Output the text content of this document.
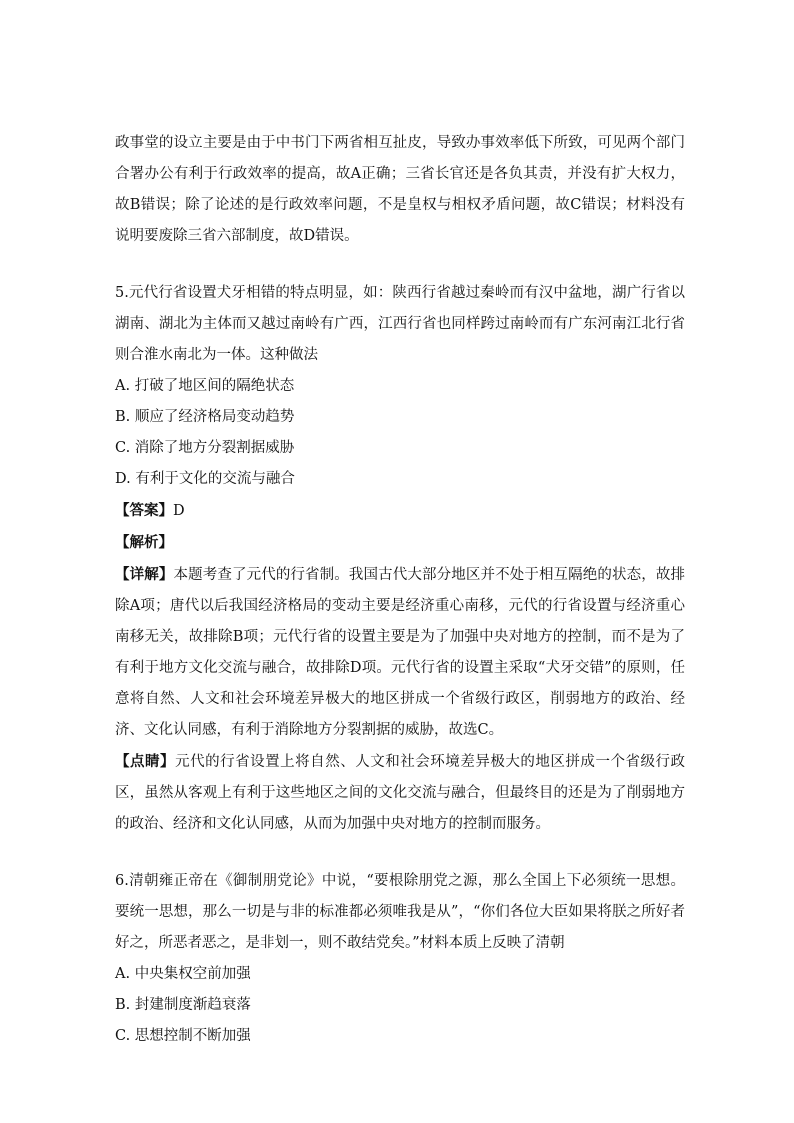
政事堂的设立主要是由于中书门下两省相互扯皮，导致办事效率低下所致，可见两个部门合署办公有利于行政效率的提高，故A正确；三省长官还是各负其责，并没有扩大权力，故B错误；除了论述的是行政效率问题，不是皇权与相权矛盾问题，故C错误；材料没有说明要废除三省六部制度，故D错误。

5.元代行省设置犬牙相错的特点明显，如：陕西行省越过秦岭而有汉中盆地，湖广行省以湖南、湖北为主体而又越过南岭有广西，江西行省也同样跨过南岭而有广东河南江北行省则合淮水南北为一体。这种做法

A. 打破了地区间的隔绝状态

B. 顺应了经济格局变动趋势

C. 消除了地方分裂割据威胁

D. 有利于文化的交流与融合

【答案】D

【解析】

【详解】本题考查了元代的行省制。我国古代大部分地区并不处于相互隔绝的状态，故排除A项；唐代以后我国经济格局的变动主要是经济重心南移，元代的行省设置与经济重心南移无关，故排除B项；元代行省的设置主要是为了加强中央对地方的控制，而不是为了有利于地方文化交流与融合，故排除D项。元代行省的设置主采取“犬牙交错”的原则，任意将自然、人文和社会环境差异极大的地区拼成一个省级行政区，削弱地方的政治、经济、文化认同感，有利于消除地方分裂割据的威胁，故选C。

【点睛】元代的行省设置上将自然、人文和社会环境差异极大的地区拼成一个省级行政区，虽然从客观上有利于这些地区之间的文化交流与融合，但最终目的还是为了削弱地方的政治、经济和文化认同感，从而为加强中央对地方的控制而服务。

6.清朝雍正帝在《御制朋党论》中说，“要根除朋党之源，那么全国上下必须统一思想。要统一思想，那么一切是与非的标准都必须唯我是从”，“你们各位大臣如果将朕之所好者好之，所恶者恶之，是非划一，则不敢结党矣。”材料本质上反映了清朝

A. 中央集权空前加强

B. 封建制度渐趋衰落

C. 思想控制不断加强
